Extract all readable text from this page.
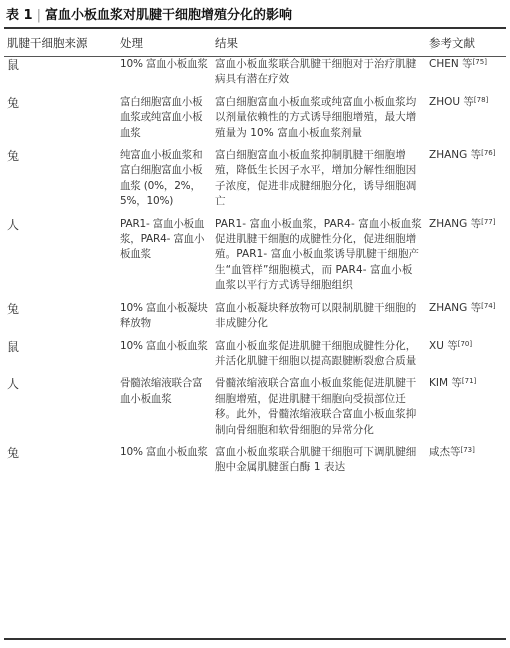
表 1 | 富血小板血浆对肌腱干细胞增殖分化的影响
肌腱干细胞来源	处理	结果	参考文献
鼠	10% 富血小板血浆	富血小板血浆联合肌腱干细胞对于治疗肌腱病具有潜在疗效	CHEN 等[75]
兔	富白细胞富血小板血浆或纯富血小板血浆	富白细胞富血小板血浆或纯富血小板血浆均以剂量依赖性的方式诱导细胞增殖，最大增殖量为 10% 富血小板血浆剂量	ZHOU 等[78]
兔	纯富血小板血浆和富白细胞富血小板血浆 (0%，2%，5%，10%)	富白细胞富血小板血浆抑制肌腱干细胞增殖，降低生长因子水平，增加分解性细胞因子浓度，促进非成腱细胞分化，诱导细胞凋亡	ZHANG 等[76]
人	PAR1- 富血小板血浆，PAR4- 富血小板血浆	PAR1- 富血小板血浆，PAR4- 富血小板血浆促进肌腱干细胞的成腱性分化，促进细胞增殖。PAR1- 富血小板血浆诱导肌腱干细胞产生“血管样”细胞模式，而 PAR4- 富血小板血浆以平行方式诱导细胞组织	ZHANG 等[77]
兔	10% 富血小板凝块释放物	富血小板凝块释放物可以限制肌腱干细胞的非成腱分化	ZHANG 等[74]
鼠	10% 富血小板血浆	富血小板血浆促进肌腱干细胞成腱性分化，并活化肌腱干细胞以提高跟腱断裂愈合质量	XU 等[70]
人	骨髓浓缩液联合富血小板血浆	骨髓浓缩液联合富血小板血浆能促进肌腱干细胞增殖，促进肌腱干细胞向受损部位迁移。此外，骨髓浓缩液联合富血小板血浆抑制向骨细胞和软骨细胞的异常分化	KIM 等[71]
兔	10% 富血小板血浆	富血小板血浆联合肌腱干细胞可下调肌腱细胞中金属肌腱蛋白酶 1 表达	咸杰等[73]
